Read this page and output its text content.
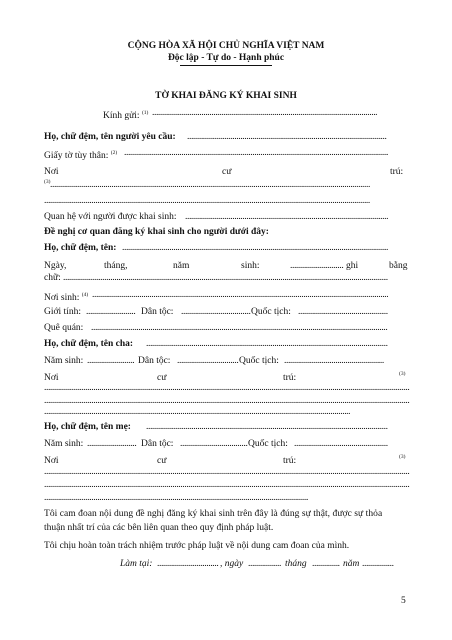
CỘNG HÒA XÃ HỘI CHỦ NGHĨA VIỆT NAM
Độc lập - Tự do - Hạnh phúc
TỜ KHAI ĐĂNG KÝ KHAI SINH
Kính gửi: $^{(1)}$
.....
Họ, chữ đệm, tên người yêu cầu:
.....
Giấy tờ tùy thân: $^{(2)}$
.....
Nơi	cư	trú:
(3)
.....
.....
Quan hệ với người được khai sinh:
.....
Đề nghị cơ quan đăng ký khai sinh cho người dưới đây:
Họ, chữ đệm, tên:
.....
Ngày,	tháng,	năm	sinh: .....	ghi	bằng
chữ:
.....
Nơi sinh: $^{(4)}$
.....
Giới tính: .....	Dân tộc: .....	Quốc tịch:
.....
Quê quán:
.....
Họ, chữ đệm, tên cha:
.....
Năm sinh: .....	Dân tộc: .....	Quốc tịch:
.....
Nơi	cư	trú:	(3)
.....
.....
.....
Họ, chữ đệm, tên mẹ:
.....
Năm sinh: .....	Dân tộc: .....	Quốc tịch:
.....
Nơi	cư	trú:	(3)
.....
.....
.....
Tôi cam đoan nội dung đề nghị đăng ký khai sinh trên đây là đúng sự thật, được sự thỏa
thuận nhất trí của các bên liên quan theo quy định pháp luật.
Tôi chịu hoàn toàn trách nhiệm trước pháp luật về nội dung cam đoan của mình.
Làm tại: .....	, ngày .....	tháng .....	năm
.....
5
